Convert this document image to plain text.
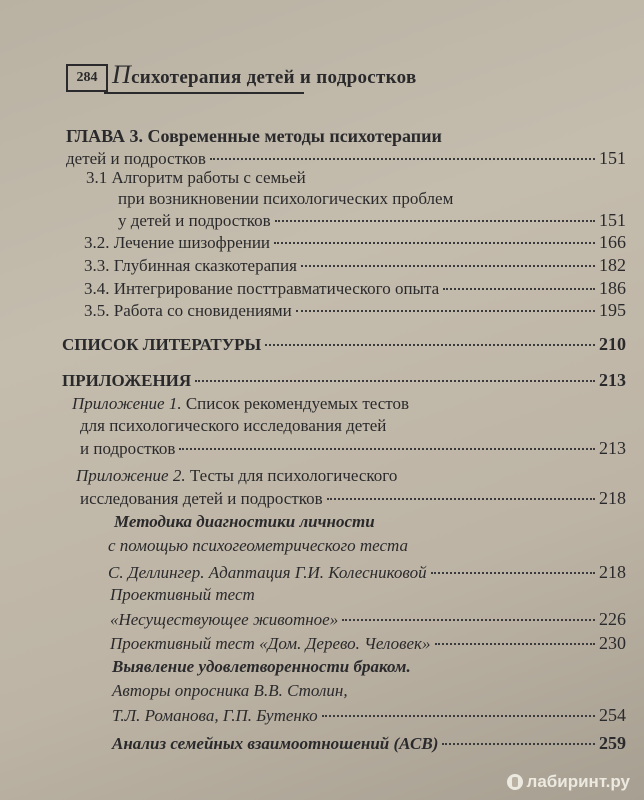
284 Психотерапия детей и подростков
ГЛАВА 3. Современные методы психотерапии
детей и подростков	151
3.1 Алгоритм работы с семьей
при возникновении психологических проблем
у детей и подростков	151
3.2. Лечение шизофрении	166
3.3. Глубинная сказкотерапия	182
3.4. Интегрирование посттравматического опыта	186
3.5. Работа со сновидениями	195
СПИСОК ЛИТЕРАТУРЫ	210
ПРИЛОЖЕНИЯ	213
Приложение 1. Список рекомендуемых тестов
для психологического исследования детей
и подростков	213
Приложение 2. Тесты для психологического
исследования детей и подростков	218
Методика диагностики личности
с помощью психогеометрического теста
С. Деллингер. Адаптация Г.И. Колесниковой	218
Проективный тест
«Несуществующее животное»	226
Проективный тест «Дом. Дерево. Человек»	230
Выявление удовлетворенности браком.
Авторы опросника В.В. Столин,
Т.Л. Романова, Г.П. Бутенко	254
Анализ семейных взаимоотношений (АСВ)	259
лабиринт.ру
